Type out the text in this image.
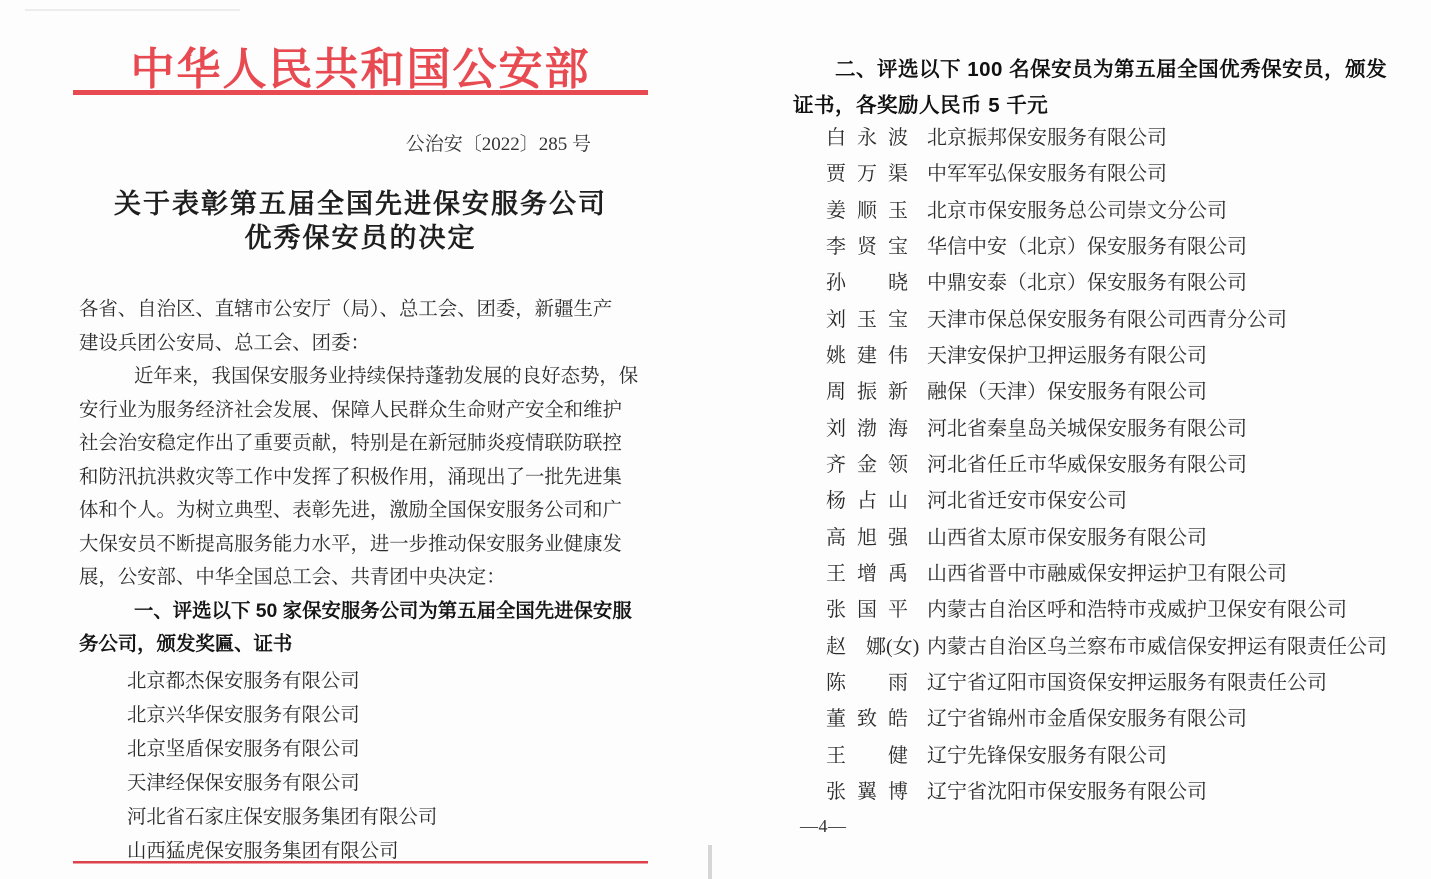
中华人民共和国公安部
公治安〔2022〕285 号
关于表彰第五届全国先进保安服务公司
优秀保安员的决定
各省、自治区、直辖市公安厅（局）、总工会、团委，新疆生产
建设兵团公安局、总工会、团委：
近年来，我国保安服务业持续保持蓬勃发展的良好态势，保
安行业为服务经济社会发展、保障人民群众生命财产安全和维护
社会治安稳定作出了重要贡献，特别是在新冠肺炎疫情联防联控
和防汛抗洪救灾等工作中发挥了积极作用，涌现出了一批先进集
体和个人。为树立典型、表彰先进，激励全国保安服务公司和广
大保安员不断提高服务能力水平，进一步推动保安服务业健康发
展，公安部、中华全国总工会、共青团中央决定：
一、评选以下 50 家保安服务公司为第五届全国先进保安服
务公司，颁发奖匾、证书
北京都杰保安服务有限公司
北京兴华保安服务有限公司
北京坚盾保安服务有限公司
天津经保保安服务有限公司
河北省石家庄保安服务集团有限公司
山西猛虎保安服务集团有限公司
二、评选以下 100 名保安员为第五届全国优秀保安员，颁发
证书，各奖励人民币 5 千元
白永波 北京振邦保安服务有限公司
贾万渠 中军军弘保安服务有限公司
姜顺玉 北京市保安服务总公司崇文分公司
李贤宝 华信中安（北京）保安服务有限公司
孙　晓 中鼎安泰（北京）保安服务有限公司
刘玉宝 天津市保总保安服务有限公司西青分公司
姚建伟 天津安保护卫押运服务有限公司
周振新 融保（天津）保安服务有限公司
刘渤海 河北省秦皇岛关城保安服务有限公司
齐金领 河北省任丘市华威保安服务有限公司
杨占山 河北省迁安市保安公司
高旭强 山西省太原市保安服务有限公司
王增禹 山西省晋中市融威保安押运护卫有限公司
张国平 内蒙古自治区呼和浩特市戎威护卫保安有限公司
赵　娜(女) 内蒙古自治区乌兰察布市威信保安押运有限责任公司
陈　雨 辽宁省辽阳市国资保安押运服务有限责任公司
董致皓 辽宁省锦州市金盾保安服务有限公司
王　健 辽宁先锋保安服务有限公司
张翼博 辽宁省沈阳市保安服务有限公司
—4—
